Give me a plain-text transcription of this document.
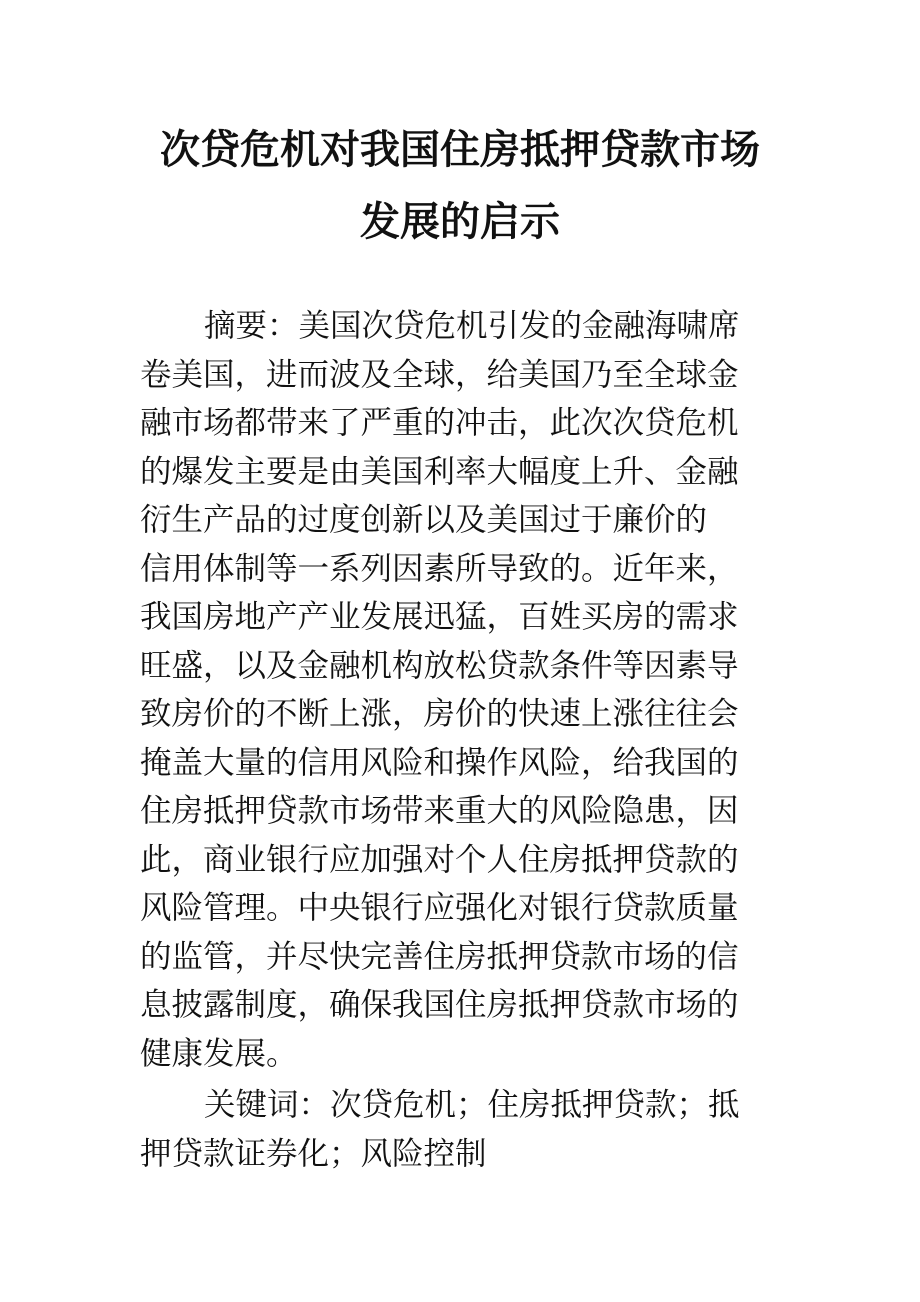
次贷危机对我国住房抵押贷款市场
发展的启示
摘要：美国次贷危机引发的金融海啸席
卷美国，进而波及全球，给美国乃至全球金
融市场都带来了严重的冲击，此次次贷危机
的爆发主要是由美国利率大幅度上升、金融
衍生产品的过度创新以及美国过于廉价的
信用体制等一系列因素所导致的。近年来，
我国房地产产业发展迅猛，百姓买房的需求
旺盛，以及金融机构放松贷款条件等因素导
致房价的不断上涨，房价的快速上涨往往会
掩盖大量的信用风险和操作风险，给我国的
住房抵押贷款市场带来重大的风险隐患，因
此，商业银行应加强对个人住房抵押贷款的
风险管理。中央银行应强化对银行贷款质量
的监管，并尽快完善住房抵押贷款市场的信
息披露制度，确保我国住房抵押贷款市场的
健康发展。
关键词：次贷危机；住房抵押贷款；抵
押贷款证券化；风险控制
